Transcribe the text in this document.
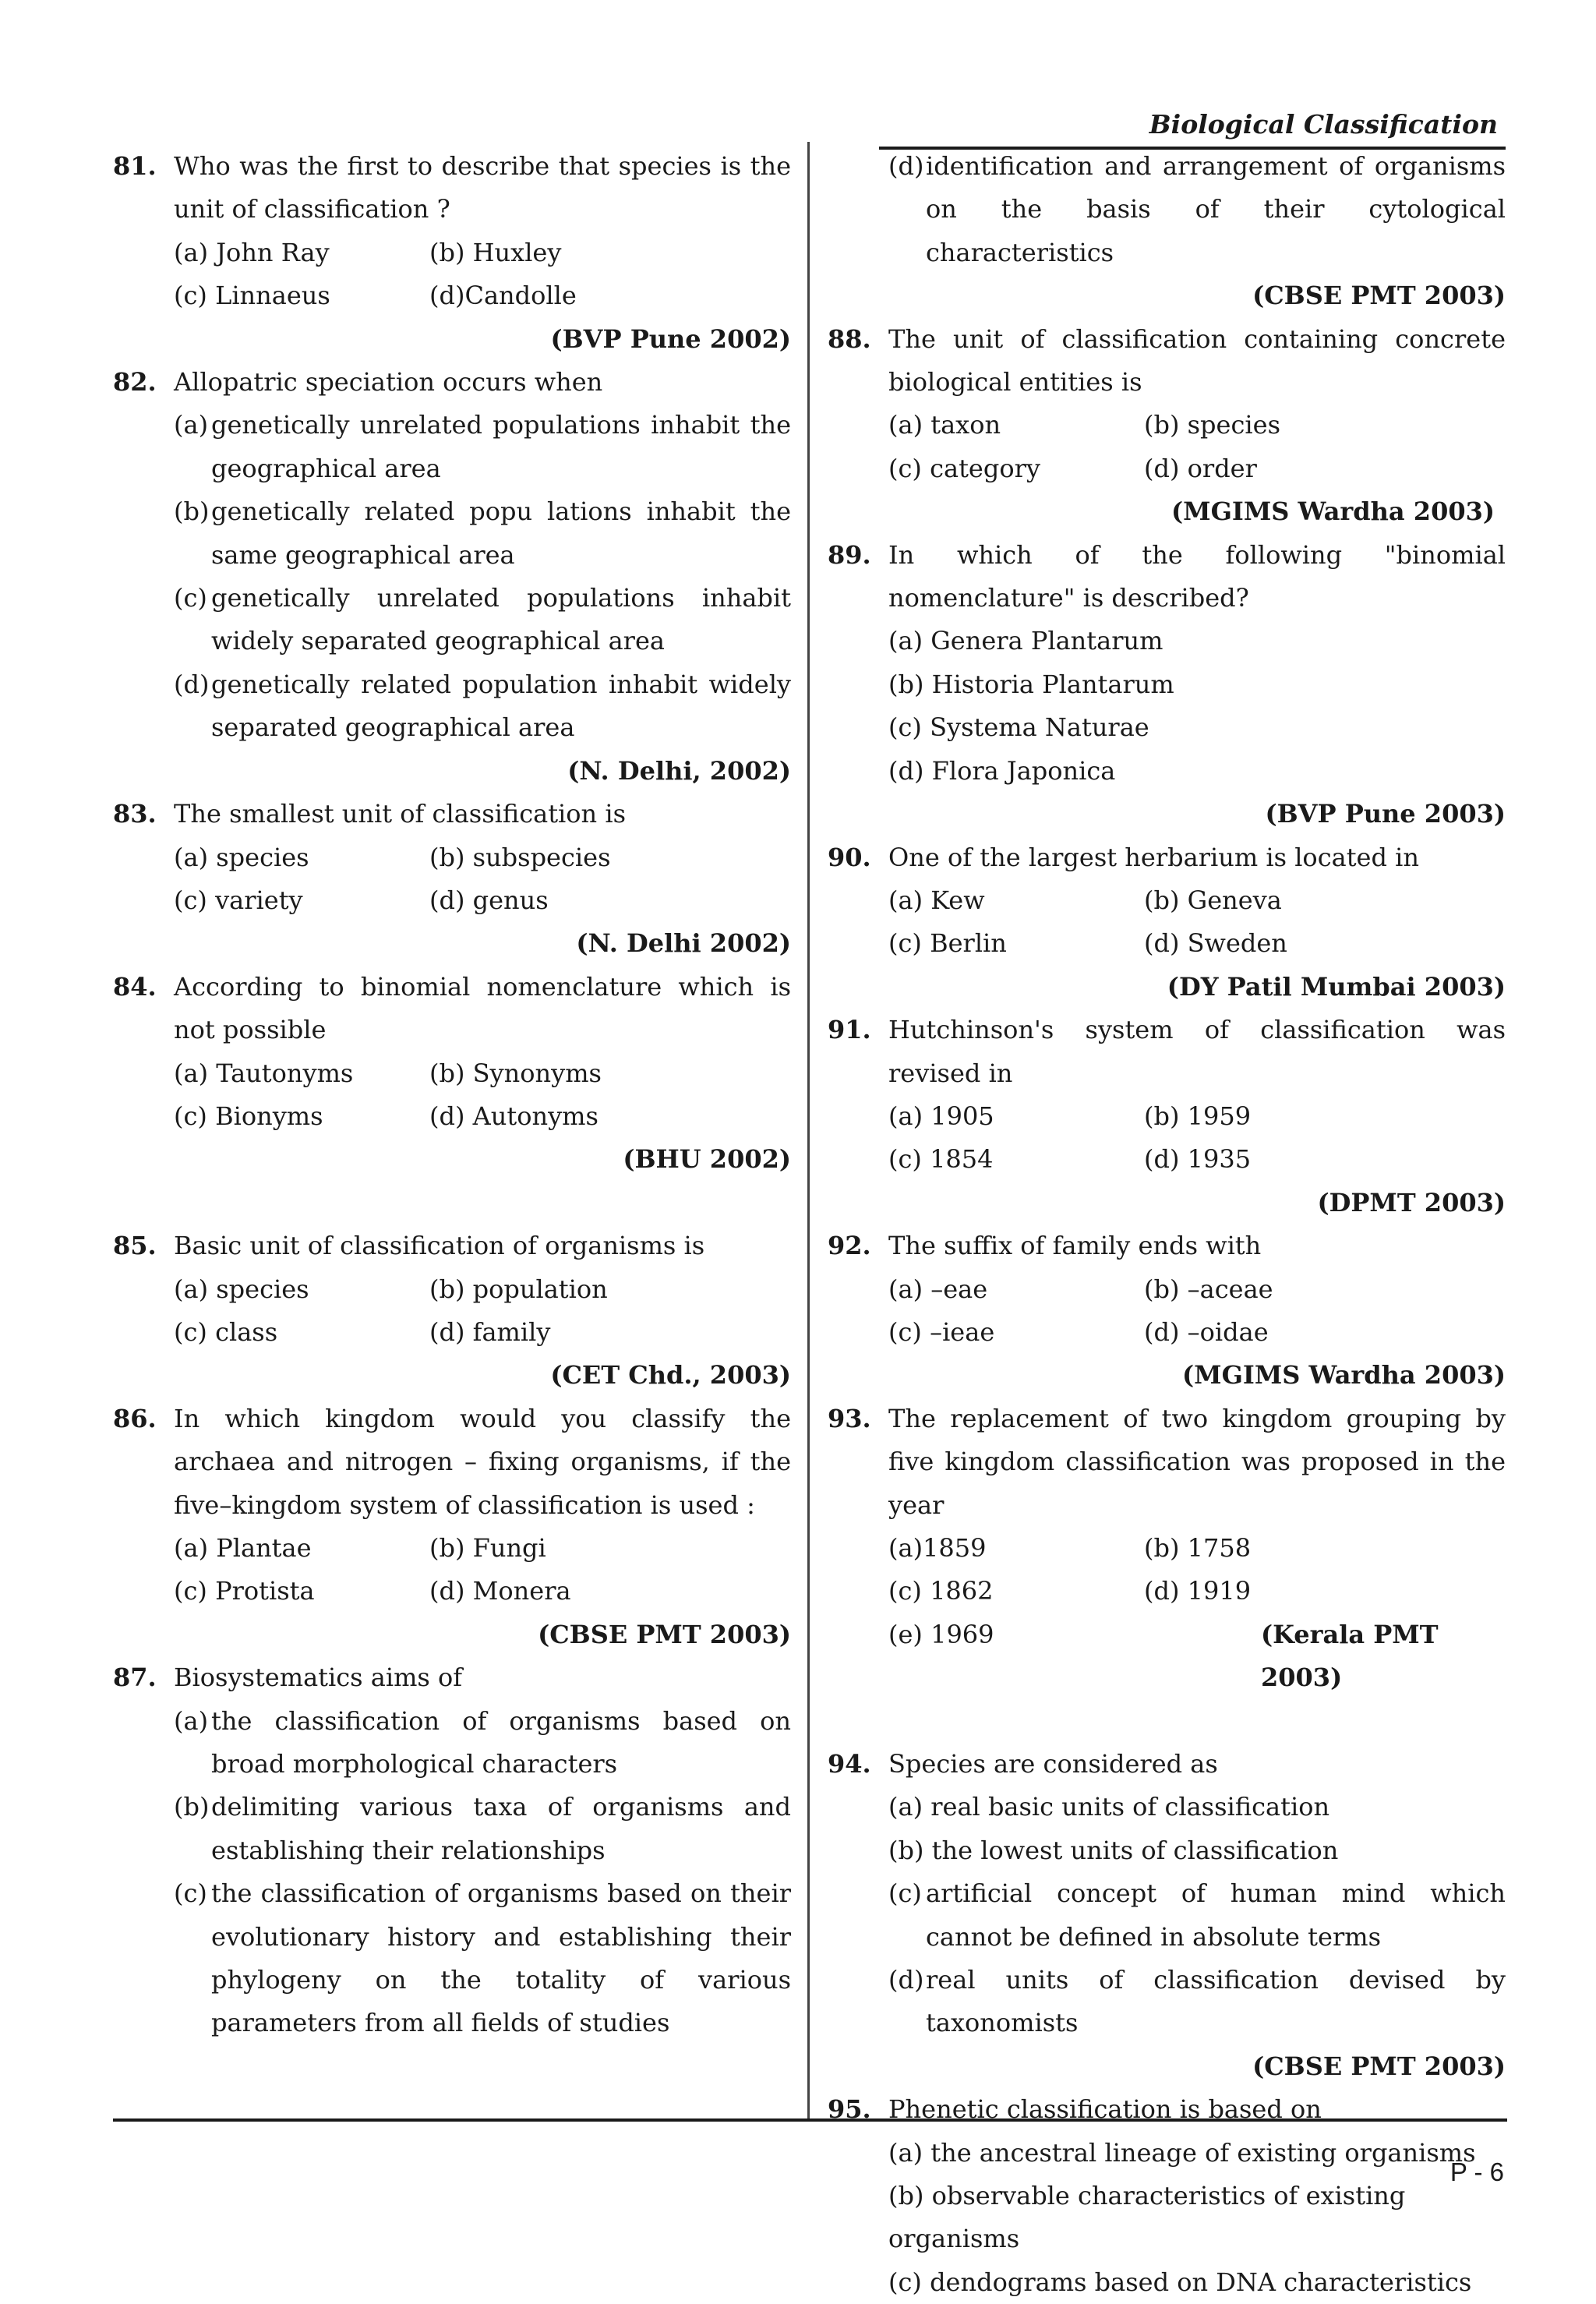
Biological Classification
P - 6
81. Who was the first to describe that species is the unit of classification ?
(a) John Ray	(b) Huxley
(c) Linnaeus	(d)Candolle
(BVP Pune 2002)
82. Allopatric speciation occurs when
(a) genetically unrelated populations inhabit the geographical area
(b) genetically related popu lations inhabit the same geographical area
(c) genetically unrelated populations inhabit widely separated geographical area
(d) genetically related population inhabit widely separated geographical area
(N. Delhi, 2002)
83. The smallest unit of classification is
(a) species	(b) subspecies
(c) variety	(d) genus
(N. Delhi 2002)
84. According to binomial nomenclature which is not possible
(a) Tautonyms	(b) Synonyms
(c) Bionyms	(d) Autonyms
(BHU 2002)
85. Basic unit of classification of organisms is
(a) species	(b) population
(c) class	(d) family
(CET Chd., 2003)
86. In which kingdom would you classify the archaea and nitrogen – fixing organisms, if the five–kingdom system of classification is used :
(a) Plantae	(b) Fungi
(c) Protista	(d) Monera
(CBSE PMT 2003)
87. Biosystematics aims of
(a) the classification of organisms based on broad morphological characters
(b) delimiting various taxa of organisms and establishing their relationships
(c) the classification of organisms based on their evolutionary history and establishing their phylogeny on the totality of various parameters from all fields of studies
(d) identification and arrangement of organisms on the basis of their cytological characteristics
(CBSE PMT 2003)
88. The unit of classification containing concrete biological entities is
(a) taxon	(b) species
(c) category	(d) order
(MGIMS Wardha 2003)
89. In which of the following "binomial nomenclature" is described?
(a) Genera Plantarum
(b) Historia Plantarum
(c) Systema Naturae
(d) Flora Japonica
(BVP Pune 2003)
90. One of the largest herbarium is located in
(a) Kew	(b) Geneva
(c) Berlin	(d) Sweden
(DY Patil Mumbai 2003)
91. Hutchinson's system of classification was revised in
(a) 1905	(b) 1959
(c) 1854	(d) 1935
(DPMT 2003)
92. The suffix of family ends with
(a) –eae	(b) –aceae
(c) –ieae	(d) –oidae
(MGIMS Wardha 2003)
93. The replacement of two kingdom grouping by five kingdom classification was proposed in the year
(a)1859	(b) 1758
(c) 1862	(d) 1919
(e) 1969	(Kerala PMT 2003)
94. Species are considered as
(a) real basic units of classification
(b) the lowest units of classification
(c) artificial concept of human mind which cannot be defined in absolute terms
(d) real units of classification devised by taxonomists
(CBSE PMT 2003)
95. Phenetic classification is based on
(a) the ancestral lineage of existing organisms
(b) observable characteristics of existing organisms
(c) dendograms based on DNA characteristics
